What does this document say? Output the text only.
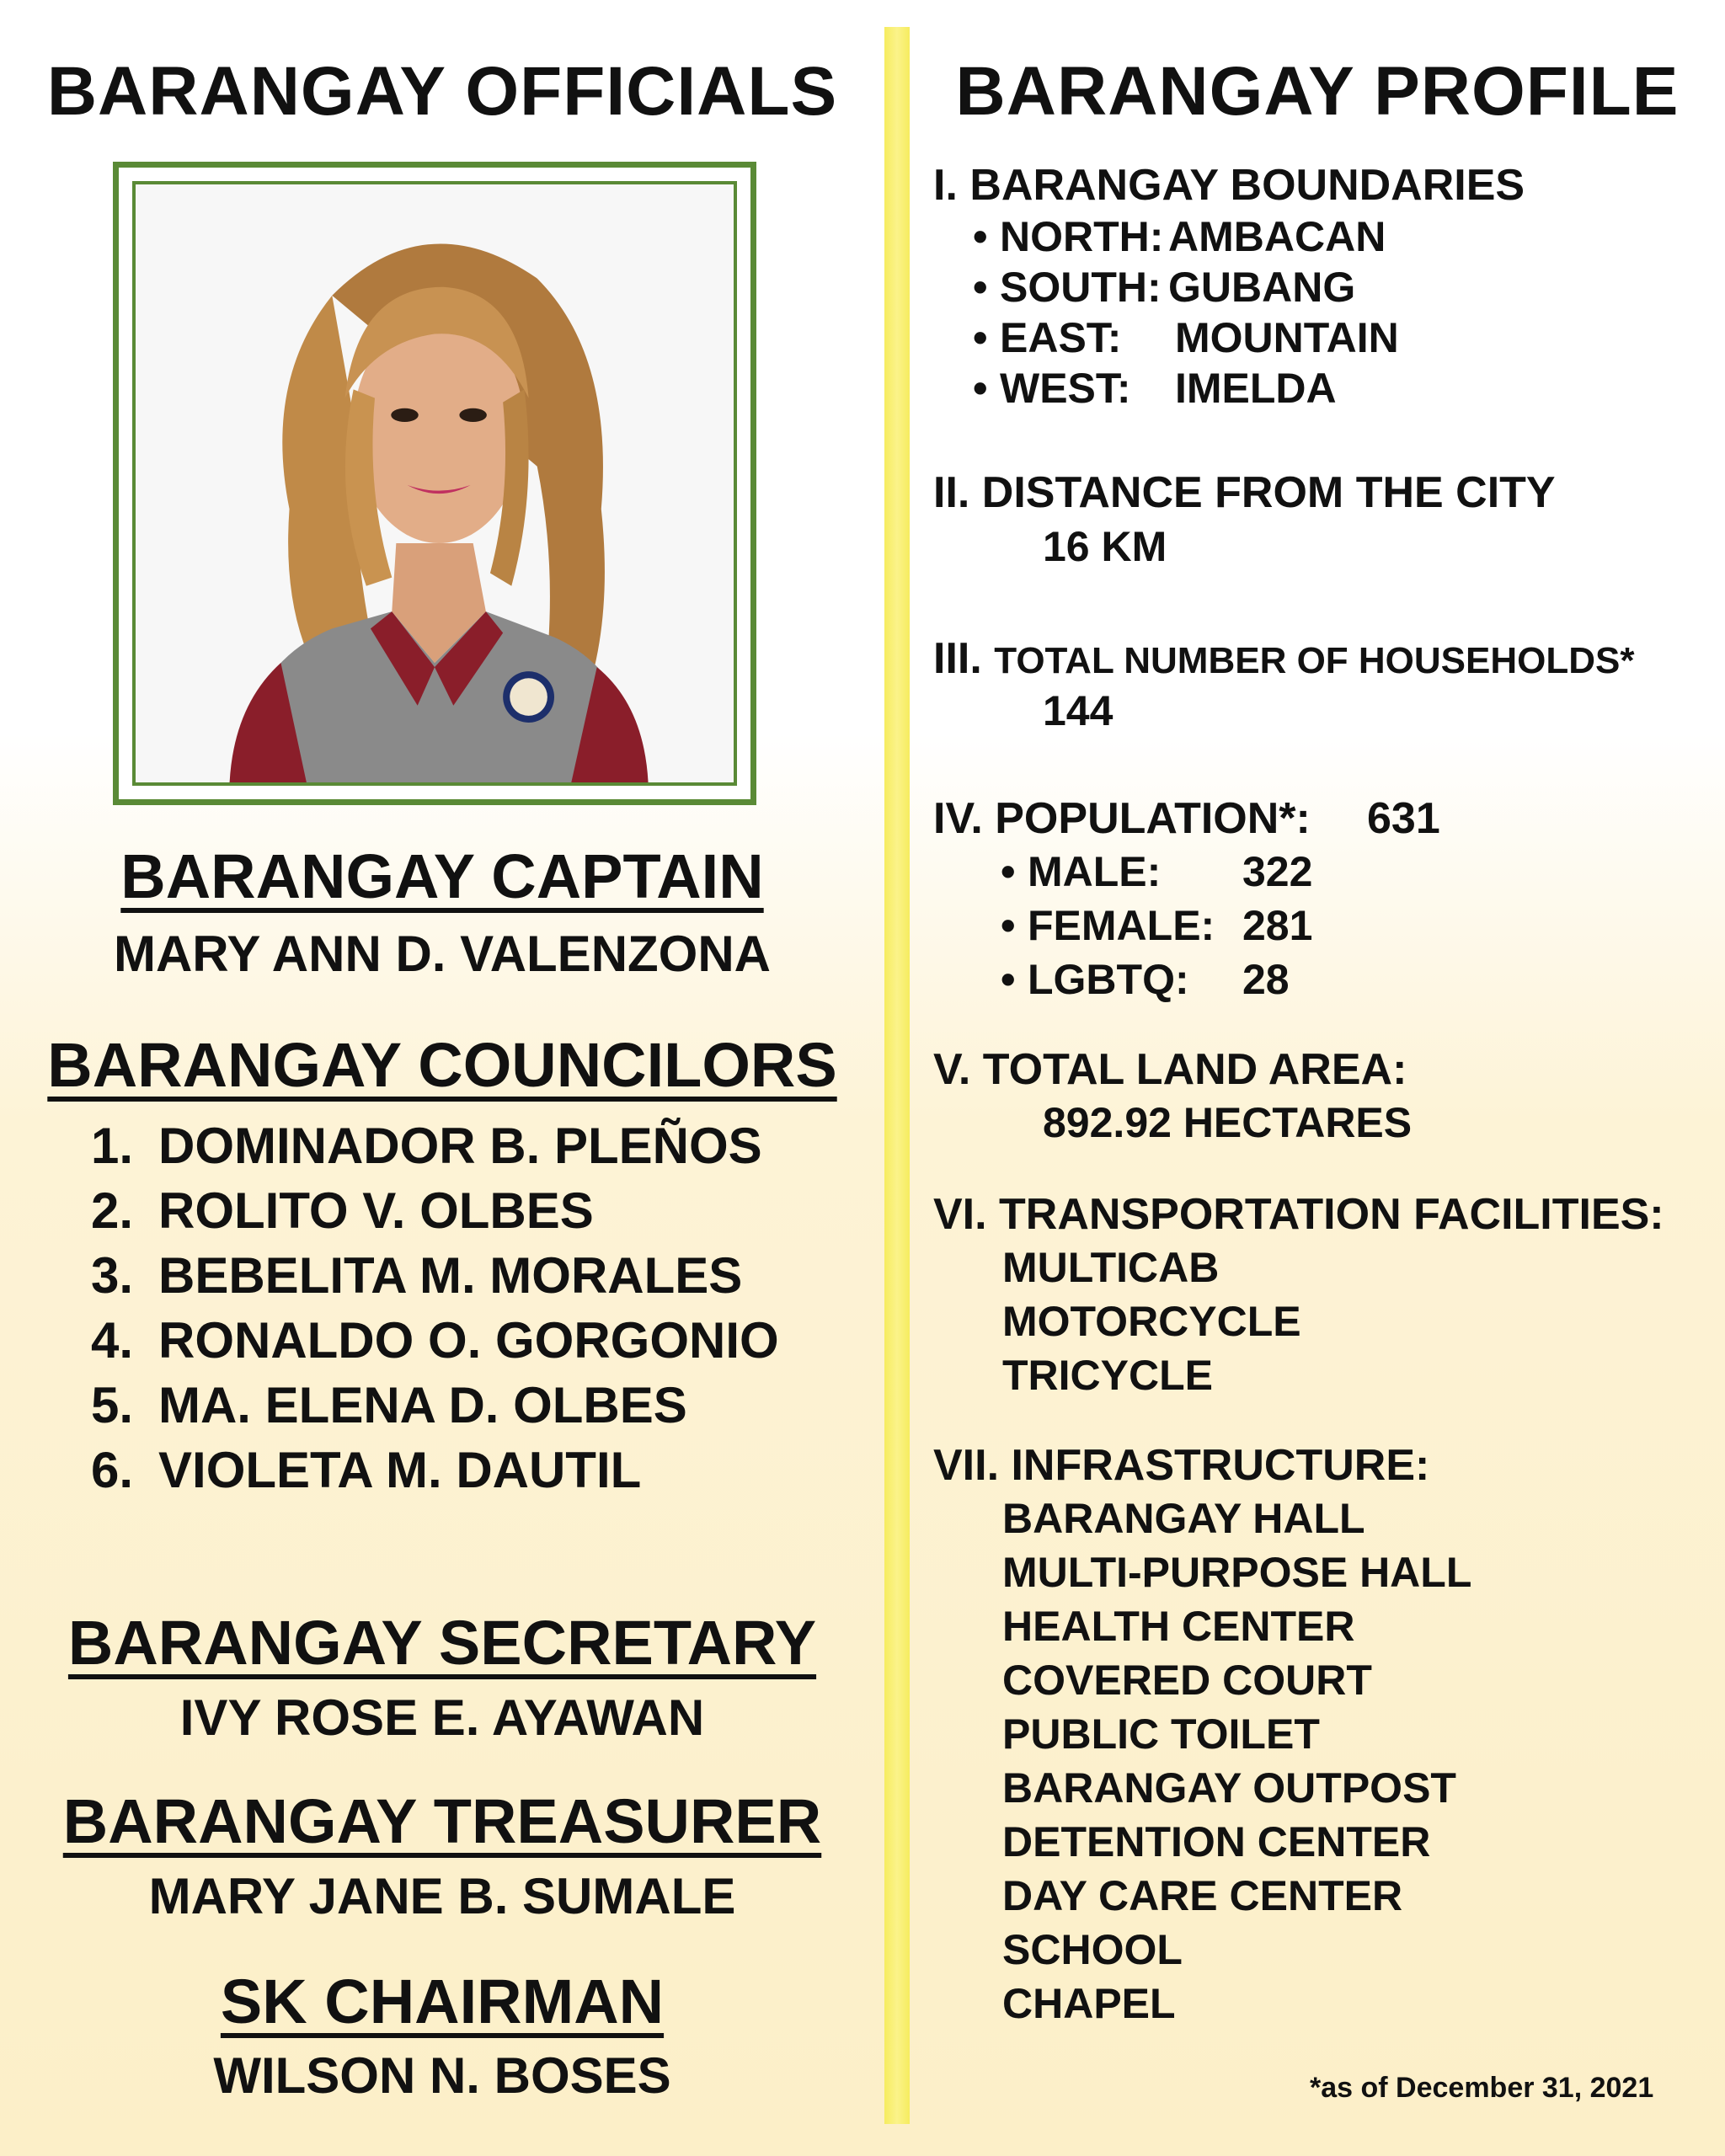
BARANGAY OFFICIALS
BARANGAY CAPTAIN
MARY ANN D. VALENZONA
BARANGAY COUNCILORS
1. DOMINADOR B. PLEÑOS
2. ROLITO V. OLBES
3. BEBELITA M. MORALES
4. RONALDO O. GORGONIO
5. MA. ELENA D. OLBES
6. VIOLETA M. DAUTIL
BARANGAY SECRETARY
IVY ROSE E. AYAWAN
BARANGAY TREASURER
MARY JANE B. SUMALE
SK CHAIRMAN
WILSON N. BOSES
BARANGAY PROFILE
I. BARANGAY BOUNDARIES
• NORTH: AMBACAN
• SOUTH: GUBANG
• EAST: MOUNTAIN
• WEST: IMELDA
II. DISTANCE FROM THE CITY
16 KM
III. TOTAL NUMBER OF HOUSEHOLDS*
144
IV. POPULATION*: 631
• MALE: 322
• FEMALE: 281
• LGBTQ: 28
V. TOTAL LAND AREA:
892.92 HECTARES
VI. TRANSPORTATION FACILITIES:
MULTICAB
MOTORCYCLE
TRICYCLE
VII. INFRASTRUCTURE:
BARANGAY HALL
MULTI-PURPOSE HALL
HEALTH CENTER
COVERED COURT
PUBLIC TOILET
BARANGAY OUTPOST
DETENTION CENTER
DAY CARE CENTER
SCHOOL
CHAPEL
*as of December 31, 2021
